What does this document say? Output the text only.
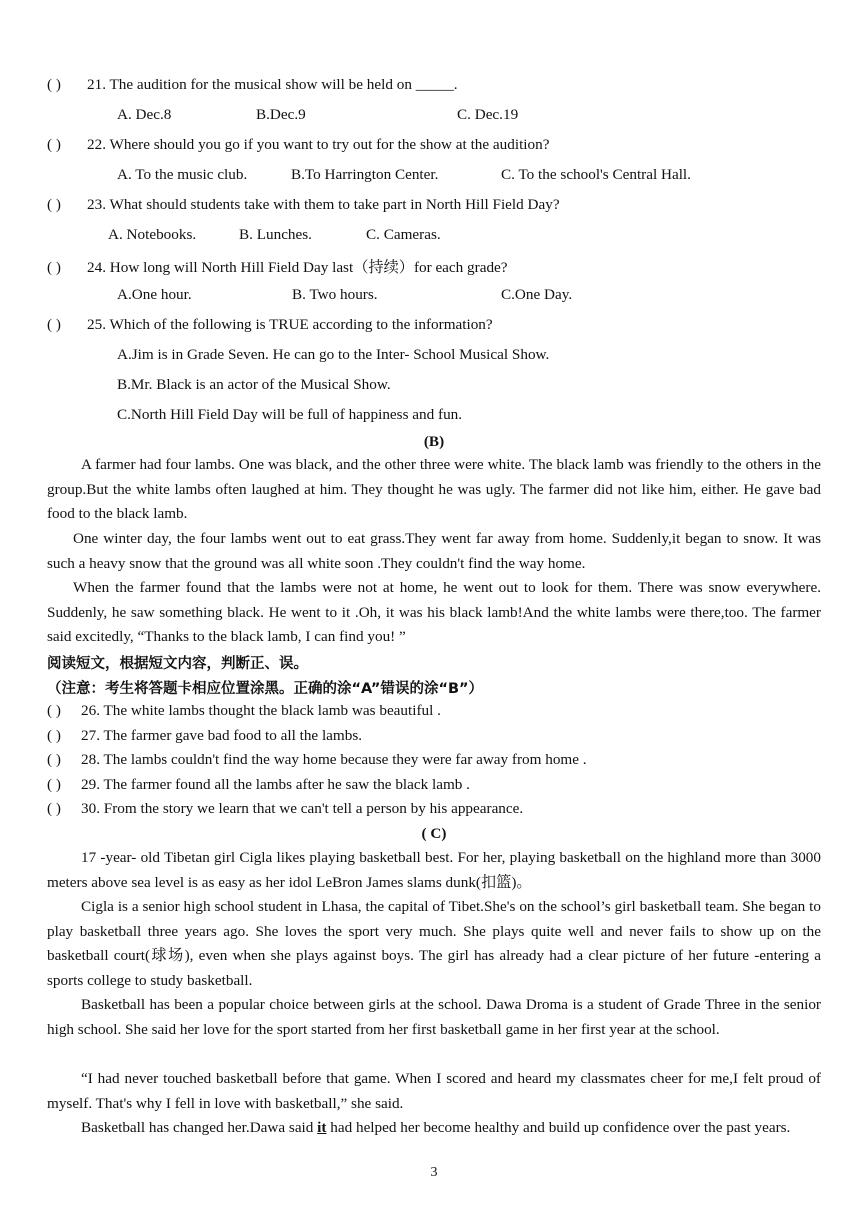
( ) 21. The audition for the musical show will be held on _____.
A. Dec.8	B.Dec.9	C. Dec.19
( ) 22. Where should you go if you want to try out for the show at the audition?
A. To the music club.	B.To Harrington Center.	C. To the school's Central Hall.
( ) 23. What should students take with them to take part in North Hill Field Day?
A. Notebooks.	B. Lunches.	C. Cameras.
( ) 24. How long will North Hill Field Day last（持续）for each grade?
A.One hour.	B. Two hours.	C.One Day.
( ) 25. Which of the following is TRUE according to the information?
A.Jim is in Grade Seven. He can go to the Inter- School Musical Show.
B.Mr. Black is an actor of the Musical Show.
C.North Hill Field Day will be full of happiness and fun.
(B)
A farmer had four lambs. One was black, and the other three were white. The black lamb was friendly to the others in the group.But the white lambs often laughed at him. They thought he was ugly. The farmer did not like him, either. He gave bad food to the black lamb.
One winter day, the four lambs went out to eat grass.They went far away from home. Suddenly,it began to snow. It was such a heavy snow that the ground was all white soon .They couldn't find the way home.
When the farmer found that the lambs were not at home, he went out to look for them. There was snow everywhere. Suddenly, he saw something black. He went to it .Oh, it was his black lamb!And the white lambs were there,too. The farmer said excitedly, “Thanks to the black lamb, I can find you! ”
阅读短文，根据短文内容，判断正、误。
（注意：考生将答题卡相应位置涂黑。正确的涂“A”错误的涂“B”）
( ) 26. The white lambs thought the black lamb was beautiful .
( ) 27. The farmer gave bad food to all the lambs.
( ) 28. The lambs couldn't find the way home because they were far away from home .
( ) 29. The farmer found all the lambs after he saw the black lamb .
( ) 30. From the story we learn that we can't tell a person by his appearance.
( C)
17 -year- old Tibetan girl Cigla likes playing basketball best. For her, playing basketball on the highland more than 3000 meters above sea level is as easy as her idol LeBron James slams dunk(扣篮)。
Cigla is a senior high school student in Lhasa, the capital of Tibet.She's on the school’s girl basketball team. She began to play basketball three years ago. She loves the sport very much. She plays quite well and never fails to show up on the basketball court(球场), even when she plays against boys. The girl has already had a clear picture of her future -entering a sports college to study basketball.
Basketball has been a popular choice between girls at the school. Dawa Droma is a student of Grade Three in the senior high school. She said her love for the sport started from her first basketball game in her first year at the school.
“I had never touched basketball before that game. When I scored and heard my classmates cheer for me,I felt proud of myself. That's why I fell in love with basketball,” she said.
Basketball has changed her.Dawa said it had helped her become healthy and build up confidence over the past years.
3
